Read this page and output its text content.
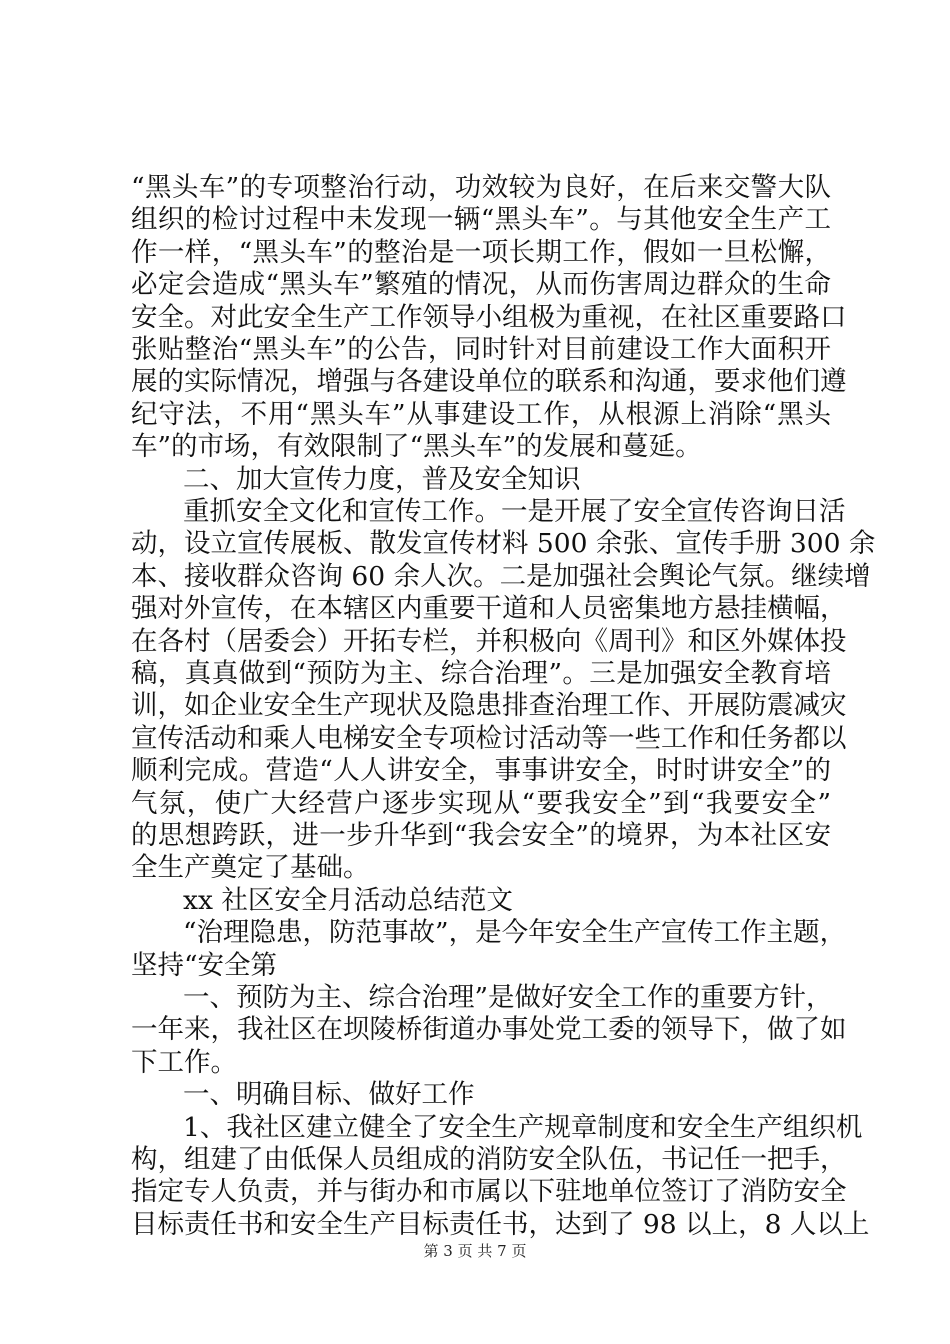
“黑头车”的专项整治行动，功效较为良好，在后来交警大队
组织的检讨过程中未发现一辆“黑头车”。与其他安全生产工
作一样，“黑头车”的整治是一项长期工作，假如一旦松懈，
必定会造成“黑头车”繁殖的情况，从而伤害周边群众的生命
安全。对此安全生产工作领导小组极为重视，在社区重要路口
张贴整治“黑头车”的公告，同时针对目前建设工作大面积开
展的实际情况，增强与各建设单位的联系和沟通，要求他们遵
纪守法，不用“黑头车”从事建设工作，从根源上消除“黑头
车”的市场，有效限制了“黑头车”的发展和蔓延。
二、加大宣传力度，普及安全知识
重抓安全文化和宣传工作。一是开展了安全宣传咨询日活
动，设立宣传展板、散发宣传材料 500 余张、宣传手册 300 余
本、接收群众咨询 60 余人次。二是加强社会舆论气氛。继续增
强对外宣传，在本辖区内重要干道和人员密集地方悬挂横幅，
在各村（居委会）开拓专栏，并积极向《周刊》和区外媒体投
稿，真真做到“预防为主、综合治理”。三是加强安全教育培
训，如企业安全生产现状及隐患排查治理工作、开展防震减灾
宣传活动和乘人电梯安全专项检讨活动等一些工作和任务都以
顺利完成。营造“人人讲安全，事事讲安全，时时讲安全”的
气氛，使广大经营户逐步实现从“要我安全”到“我要安全”
的思想跨跃，进一步升华到“我会安全”的境界，为本社区安
全生产奠定了基础。
xx 社区安全月活动总结范文
“治理隐患，防范事故”，是今年安全生产宣传工作主题，
坚持“安全第
一、预防为主、综合治理”是做好安全工作的重要方针，
一年来，我社区在坝陵桥街道办事处党工委的领导下，做了如
下工作。
一、明确目标、做好工作
1、我社区建立健全了安全生产规章制度和安全生产组织机
构，组建了由低保人员组成的消防安全队伍，书记任一把手，
指定专人负责，并与街办和市属以下驻地单位签订了消防安全
目标责任书和安全生产目标责任书，达到了 98 以上，8 人以上
第 3 页 共 7 页
